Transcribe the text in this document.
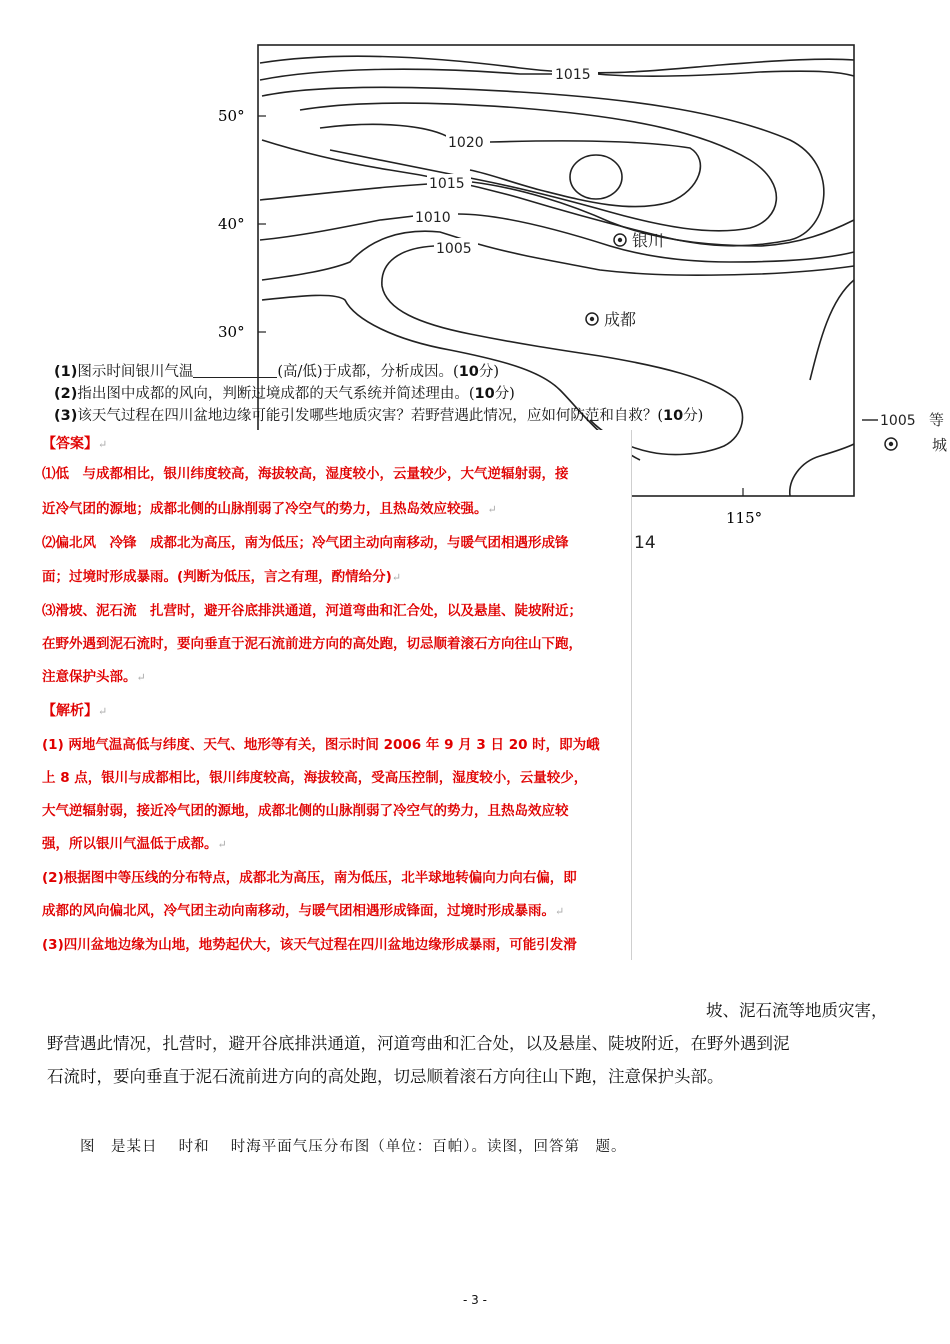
1015
1020
1015
1010
1005
1005
银川
成都
等
城
50°
40°
30°
115°
14
(1)图示时间银川气温	(高/低)于成都，分析成因。(10分)
(2)指出图中成都的风向，判断过境成都的天气系统并简述理由。(10分)
(3)该天气过程在四川盆地边缘可能引发哪些地质灾害？若野营遇此情况，应如何防范和自救？(10分)
【答案】↵
⑴低　与成都相比，银川纬度较高，海拔较高，湿度较小，云量较少，大气逆辐射弱，接
近冷气团的源地；成都北侧的山脉削弱了冷空气的势力，且热岛效应较强。↵
⑵偏北风　冷锋　成都北为高压，南为低压；冷气团主动向南移动，与暖气团相遇形成锋
面；过境时形成暴雨。(判断为低压，言之有理，酌情给分)↵
⑶滑坡、泥石流　扎营时，避开谷底排洪通道，河道弯曲和汇合处，以及悬崖、陡坡附近；
在野外遇到泥石流时，要向垂直于泥石流前进方向的高处跑，切忌顺着滚石方向往山下跑，
注意保护头部。↵
【解析】↵
(1) 两地气温高低与纬度、天气、地形等有关，图示时间 2006 年 9 月 3 日 20 时，即为峨
上 8 点，银川与成都相比，银川纬度较高，海拔较高，受高压控制，湿度较小，云量较少，
大气逆辐射弱，接近冷气团的源地，成都北侧的山脉削弱了冷空气的势力，且热岛效应较
强，所以银川气温低于成都。↵
(2)根据图中等压线的分布特点，成都北为高压，南为低压，北半球地转偏向力向右偏，即
成都的风向偏北风，冷气团主动向南移动，与暖气团相遇形成锋面，过境时形成暴雨。↵
(3)四川盆地边缘为山地，地势起伏大，该天气过程在四川盆地边缘形成暴雨，可能引发滑
坡、泥石流等地质灾害，
野营遇此情况，扎营时，避开谷底排洪通道，河道弯曲和汇合处，以及悬崖、陡坡附近，在野外遇到泥
石流时，要向垂直于泥石流前进方向的高处跑，切忌顺着滚石方向往山下跑，注意保护头部。
图　是某日　 时和　 时海平面气压分布图（单位：百帕）。读图，回答第　题。
- 3 -
